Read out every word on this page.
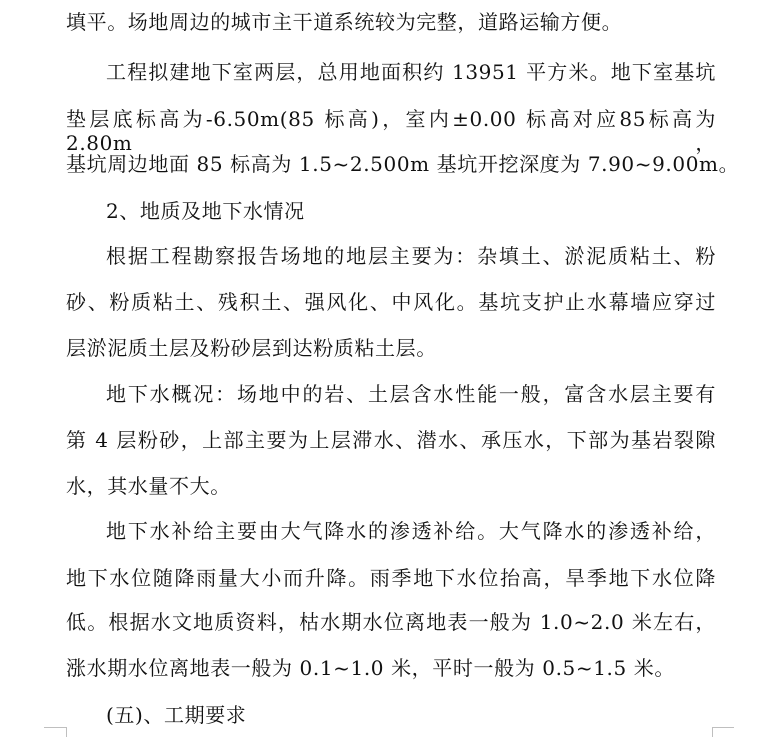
填平。场地周边的城市主干道系统较为完整，道路运输方便。
工程拟建地下室两层，总用地面积约 13951 平方米。地下室基坑
垫层底标高为-6.50m(85 标高)，室内±0.00 标高对应85标高为2.80m，
基坑周边地面 85 标高为 1.5~2.500m 基坑开挖深度为 7.90~9.00m。
2、地质及地下水情况
根据工程勘察报告场地的地层主要为：杂填土、淤泥质粘土、粉
砂、粉质粘土、残积土、强风化、中风化。基坑支护止水幕墙应穿过
层淤泥质土层及粉砂层到达粉质粘土层。
地下水概况：场地中的岩、土层含水性能一般，富含水层主要有
第 4 层粉砂，上部主要为上层滞水、潜水、承压水，下部为基岩裂隙
水，其水量不大。
地下水补给主要由大气降水的渗透补给。大气降水的渗透补给，
地下水位随降雨量大小而升降。雨季地下水位抬高，旱季地下水位降
低。根据水文地质资料，枯水期水位离地表一般为 1.0~2.0 米左右，
涨水期水位离地表一般为 0.1~1.0 米，平时一般为 0.5~1.5 米。
(五)、工期要求
